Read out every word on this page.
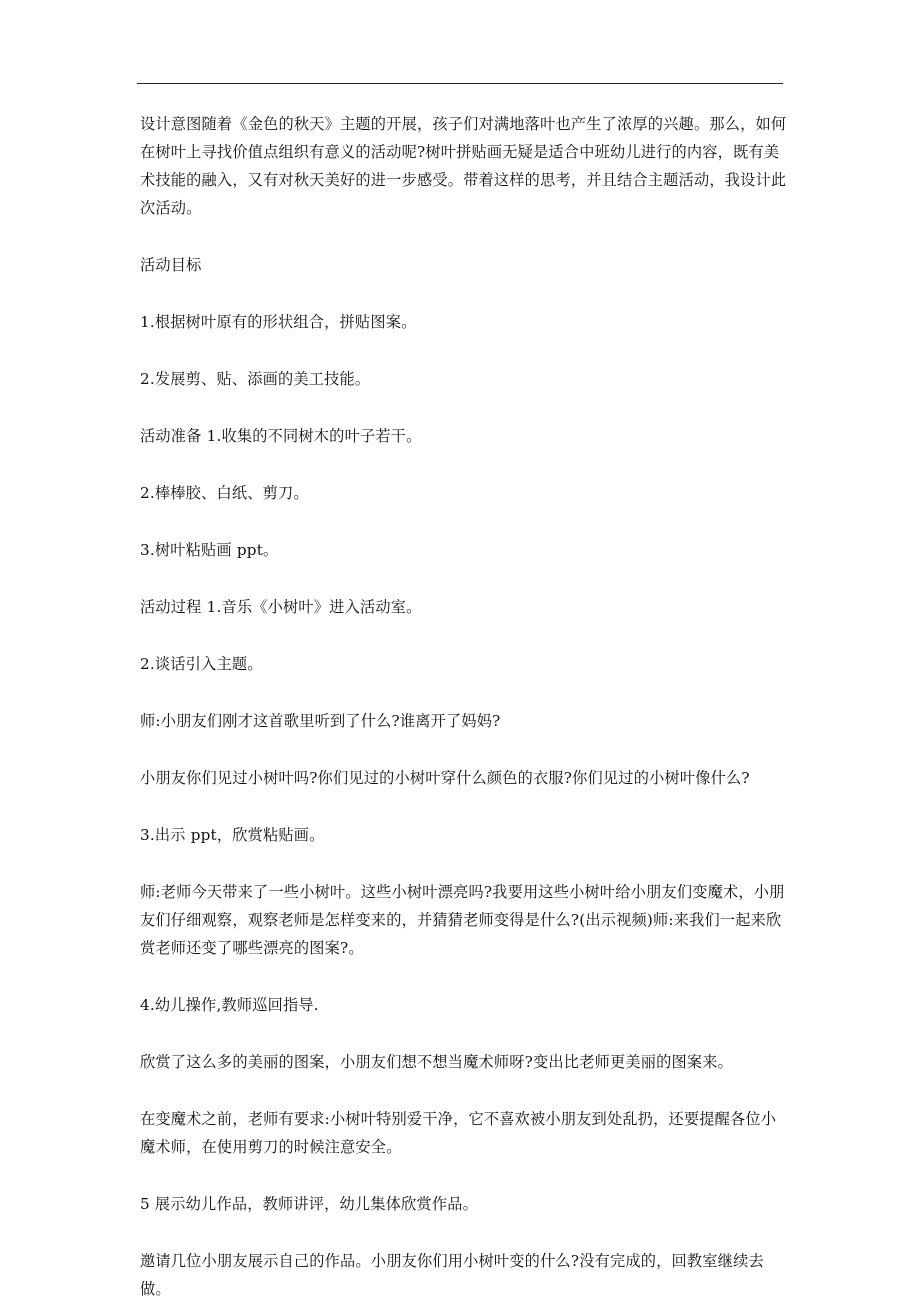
设计意图随着《金色的秋天》主题的开展，孩子们对满地落叶也产生了浓厚的兴趣。那么，如何在树叶上寻找价值点组织有意义的活动呢?树叶拼贴画无疑是适合中班幼儿进行的内容，既有美术技能的融入，又有对秋天美好的进一步感受。带着这样的思考，并且结合主题活动，我设计此次活动。

活动目标

1.根据树叶原有的形状组合，拼贴图案。

2.发展剪、贴、添画的美工技能。

活动准备 1.收集的不同树木的叶子若干。

2.棒棒胶、白纸、剪刀。

3.树叶粘贴画 ppt。

活动过程 1.音乐《小树叶》进入活动室。

2.谈话引入主题。

师:小朋友们刚才这首歌里听到了什么?谁离开了妈妈?

小朋友你们见过小树叶吗?你们见过的小树叶穿什么颜色的衣服?你们见过的小树叶像什么?

3.出示 ppt，欣赏粘贴画。

师:老师今天带来了一些小树叶。这些小树叶漂亮吗?我要用这些小树叶给小朋友们变魔术，小朋友们仔细观察，观察老师是怎样变来的，并猜猜老师变得是什么?(出示视频)师:来我们一起来欣赏老师还变了哪些漂亮的图案?。

4.幼儿操作,教师巡回指导.

欣赏了这么多的美丽的图案，小朋友们想不想当魔术师呀?变出比老师更美丽的图案来。

在变魔术之前，老师有要求:小树叶特别爱干净，它不喜欢被小朋友到处乱扔，还要提醒各位小魔术师，在使用剪刀的时候注意安全。

5 展示幼儿作品，教师讲评，幼儿集体欣赏作品。

邀请几位小朋友展示自己的作品。小朋友你们用小树叶变的什么?没有完成的，回教室继续去做。
